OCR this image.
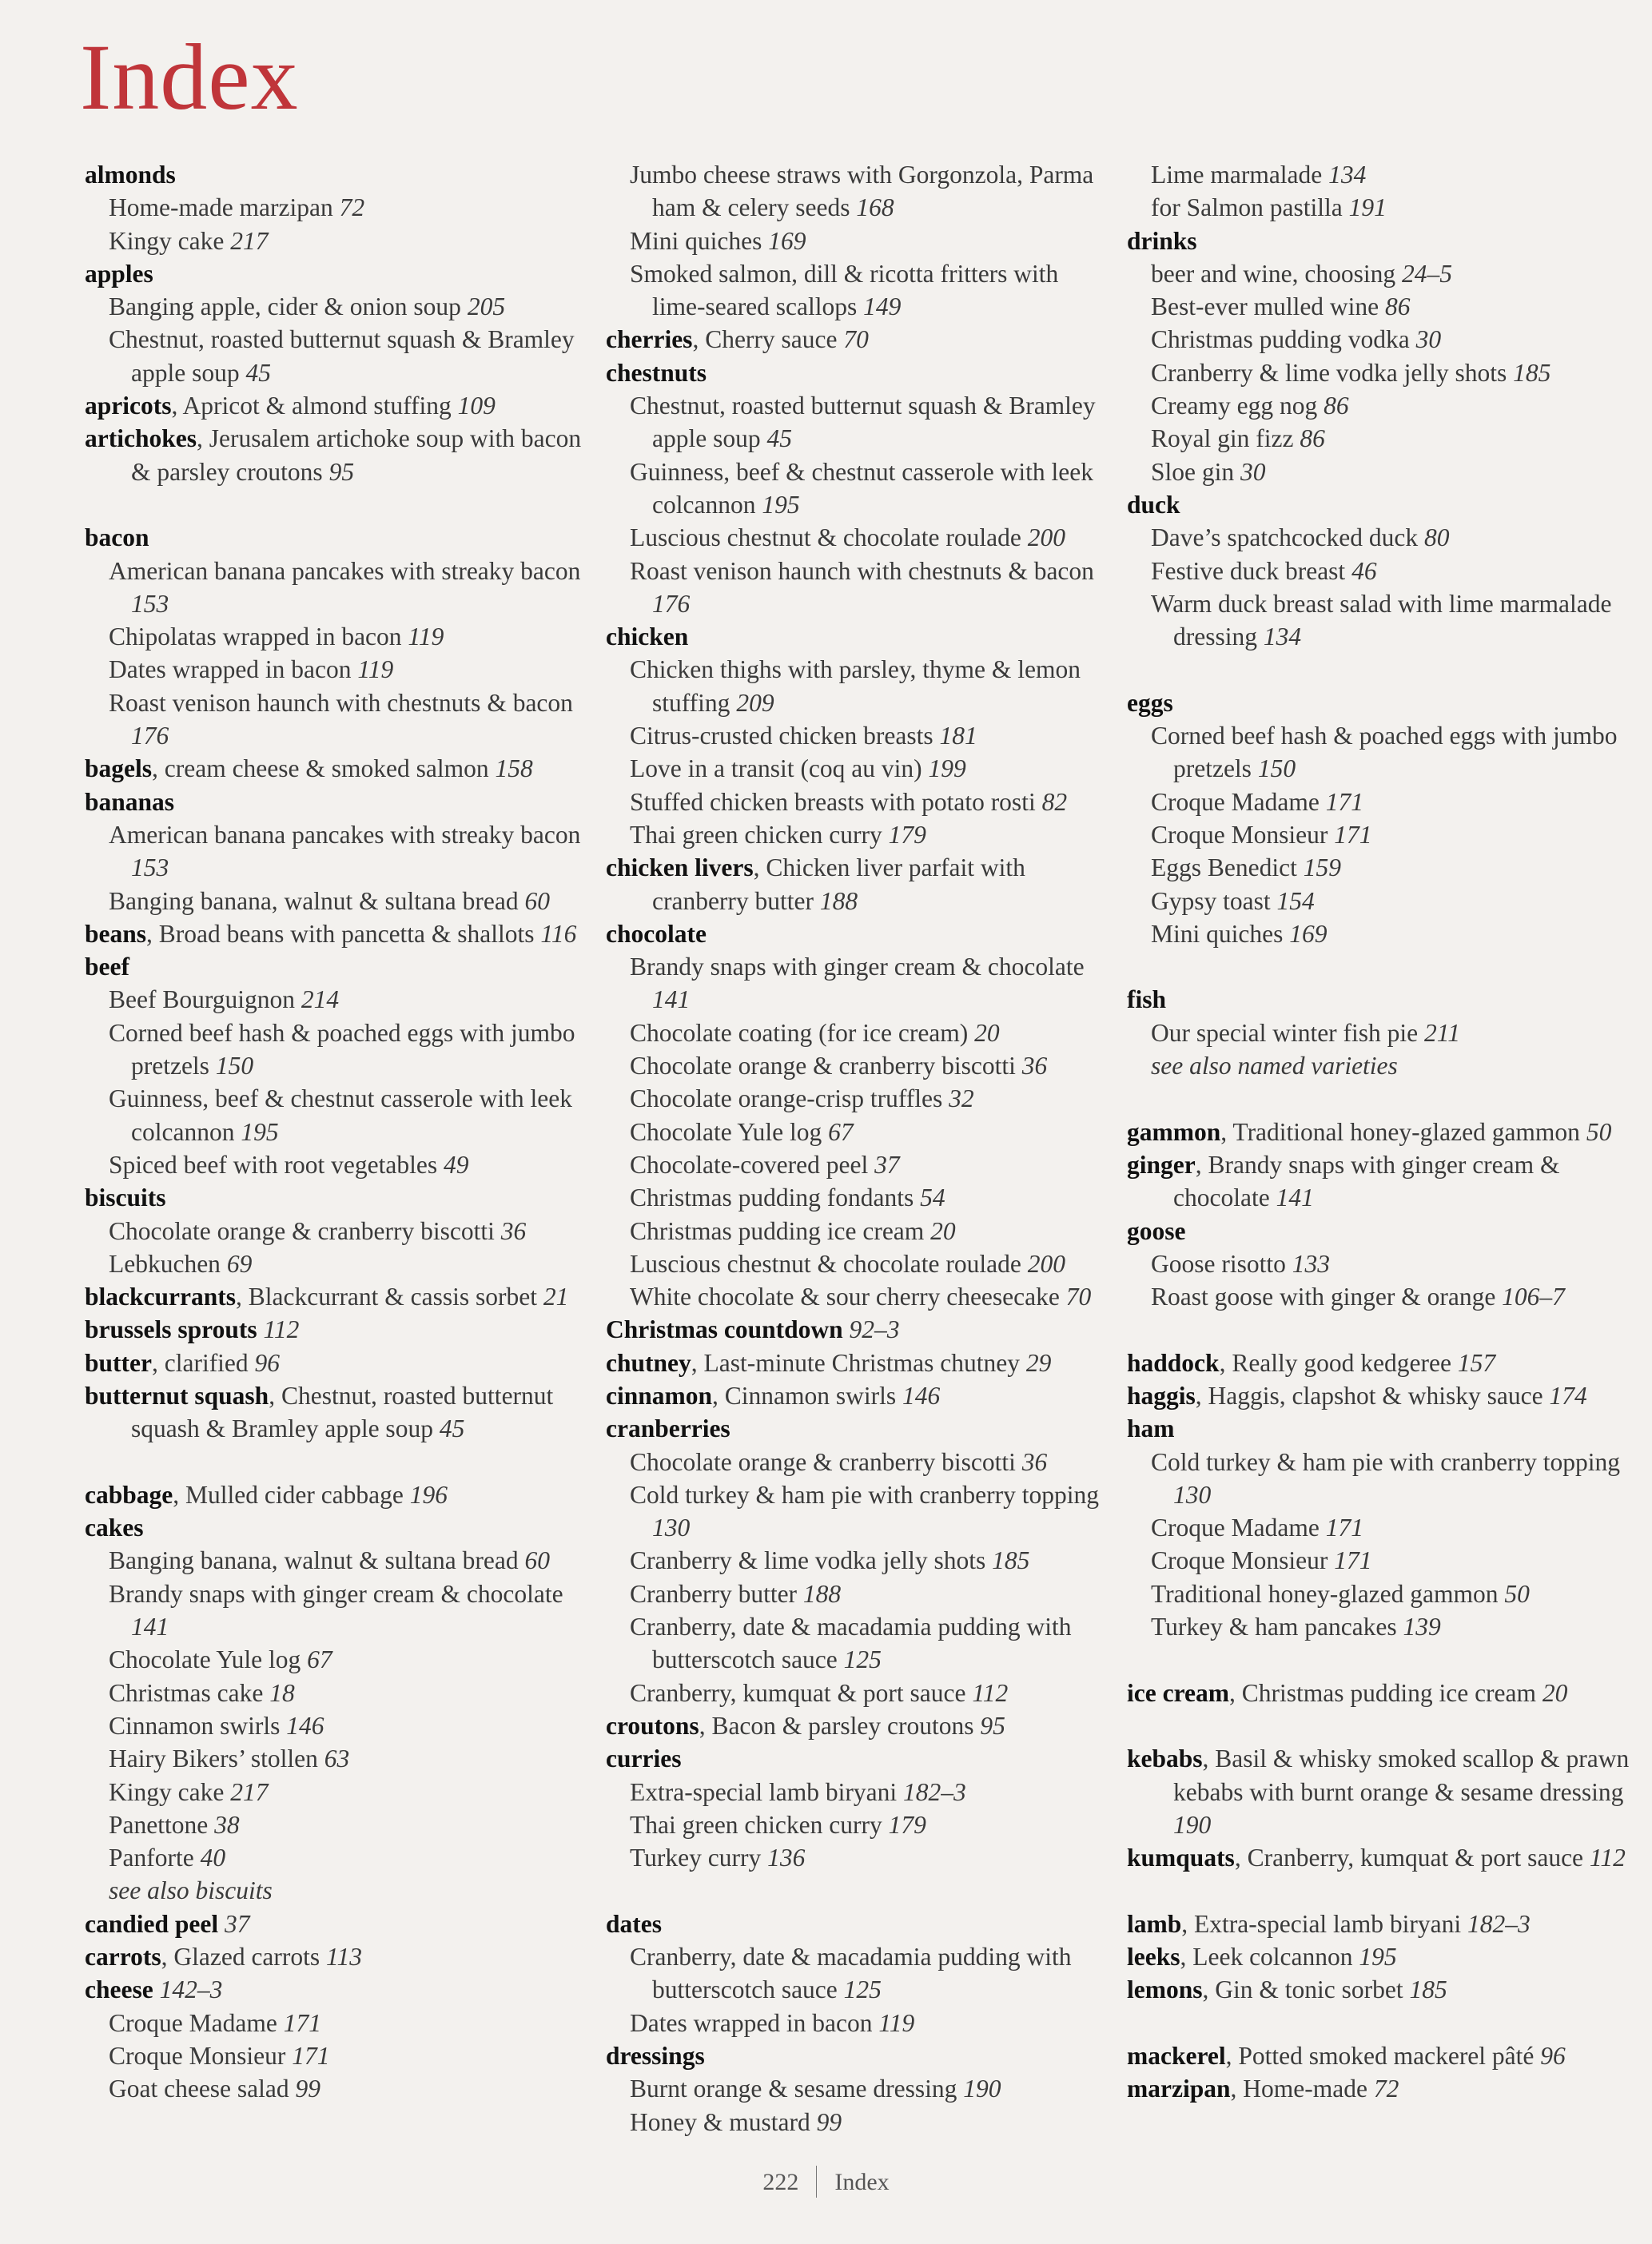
Index
almonds
Home-made marzipan 72
Kingy cake 217
apples
Banging apple, cider & onion soup 205
Chestnut, roasted butternut squash & Bramley apple soup 45
apricots, Apricot & almond stuffing 109
artichokes, Jerusalem artichoke soup with bacon & parsley croutons 95
bacon
American banana pancakes with streaky bacon 153
Chipolatas wrapped in bacon 119
Dates wrapped in bacon 119
Roast venison haunch with chestnuts & bacon 176
bagels, cream cheese & smoked salmon 158
bananas
American banana pancakes with streaky bacon 153
Banging banana, walnut & sultana bread 60
beans, Broad beans with pancetta & shallots 116
beef
Beef Bourguignon 214
Corned beef hash & poached eggs with jumbo pretzels 150
Guinness, beef & chestnut casserole with leek colcannon 195
Spiced beef with root vegetables 49
biscuits
Chocolate orange & cranberry biscotti 36
Lebkuchen 69
blackcurrants, Blackcurrant & cassis sorbet 21
brussels sprouts 112
butter, clarified 96
butternut squash, Chestnut, roasted butternut squash & Bramley apple soup 45
cabbage, Mulled cider cabbage 196
cakes
Banging banana, walnut & sultana bread 60
Brandy snaps with ginger cream & chocolate 141
Chocolate Yule log 67
Christmas cake 18
Cinnamon swirls 146
Hairy Bikers’ stollen 63
Kingy cake 217
Panettone 38
Panforte 40
see also biscuits
candied peel 37
carrots, Glazed carrots 113
cheese 142–3
Croque Madame 171
Croque Monsieur 171
Goat cheese salad 99
Jumbo cheese straws with Gorgonzola, Parma ham & celery seeds 168
Mini quiches 169
Smoked salmon, dill & ricotta fritters with lime-seared scallops 149
cherries, Cherry sauce 70
chestnuts
Chestnut, roasted butternut squash & Bramley apple soup 45
Guinness, beef & chestnut casserole with leek colcannon 195
Luscious chestnut & chocolate roulade 200
Roast venison haunch with chestnuts & bacon 176
chicken
Chicken thighs with parsley, thyme & lemon stuffing 209
Citrus-crusted chicken breasts 181
Love in a transit (coq au vin) 199
Stuffed chicken breasts with potato rosti 82
Thai green chicken curry 179
chicken livers, Chicken liver parfait with cranberry butter 188
chocolate
Brandy snaps with ginger cream & chocolate 141
Chocolate coating (for ice cream) 20
Chocolate orange & cranberry biscotti 36
Chocolate orange-crisp truffles 32
Chocolate Yule log 67
Chocolate-covered peel 37
Christmas pudding fondants 54
Christmas pudding ice cream 20
Luscious chestnut & chocolate roulade 200
White chocolate & sour cherry cheesecake 70
Christmas countdown 92–3
chutney, Last-minute Christmas chutney 29
cinnamon, Cinnamon swirls 146
cranberries
Chocolate orange & cranberry biscotti 36
Cold turkey & ham pie with cranberry topping 130
Cranberry & lime vodka jelly shots 185
Cranberry butter 188
Cranberry, date & macadamia pudding with butterscotch sauce 125
Cranberry, kumquat & port sauce 112
croutons, Bacon & parsley croutons 95
curries
Extra-special lamb biryani 182–3
Thai green chicken curry 179
Turkey curry 136
dates
Cranberry, date & macadamia pudding with butterscotch sauce 125
Dates wrapped in bacon 119
dressings
Burnt orange & sesame dressing 190
Honey & mustard 99
Lime marmalade 134
for Salmon pastilla 191
drinks
beer and wine, choosing 24–5
Best-ever mulled wine 86
Christmas pudding vodka 30
Cranberry & lime vodka jelly shots 185
Creamy egg nog 86
Royal gin fizz 86
Sloe gin 30
duck
Dave’s spatchcocked duck 80
Festive duck breast 46
Warm duck breast salad with lime marmalade dressing 134
eggs
Corned beef hash & poached eggs with jumbo pretzels 150
Croque Madame 171
Croque Monsieur 171
Eggs Benedict 159
Gypsy toast 154
Mini quiches 169
fish
Our special winter fish pie 211
see also named varieties
gammon, Traditional honey-glazed gammon 50
ginger, Brandy snaps with ginger cream & chocolate 141
goose
Goose risotto 133
Roast goose with ginger & orange 106–7
haddock, Really good kedgeree 157
haggis, Haggis, clapshot & whisky sauce 174
ham
Cold turkey & ham pie with cranberry topping 130
Croque Madame 171
Croque Monsieur 171
Traditional honey-glazed gammon 50
Turkey & ham pancakes 139
ice cream, Christmas pudding ice cream 20
kebabs, Basil & whisky smoked scallop & prawn kebabs with burnt orange & sesame dressing 190
kumquats, Cranberry, kumquat & port sauce 112
lamb, Extra-special lamb biryani 182–3
leeks, Leek colcannon 195
lemons, Gin & tonic sorbet 185
mackerel, Potted smoked mackerel pâté 96
marzipan, Home-made 72
222 Index
